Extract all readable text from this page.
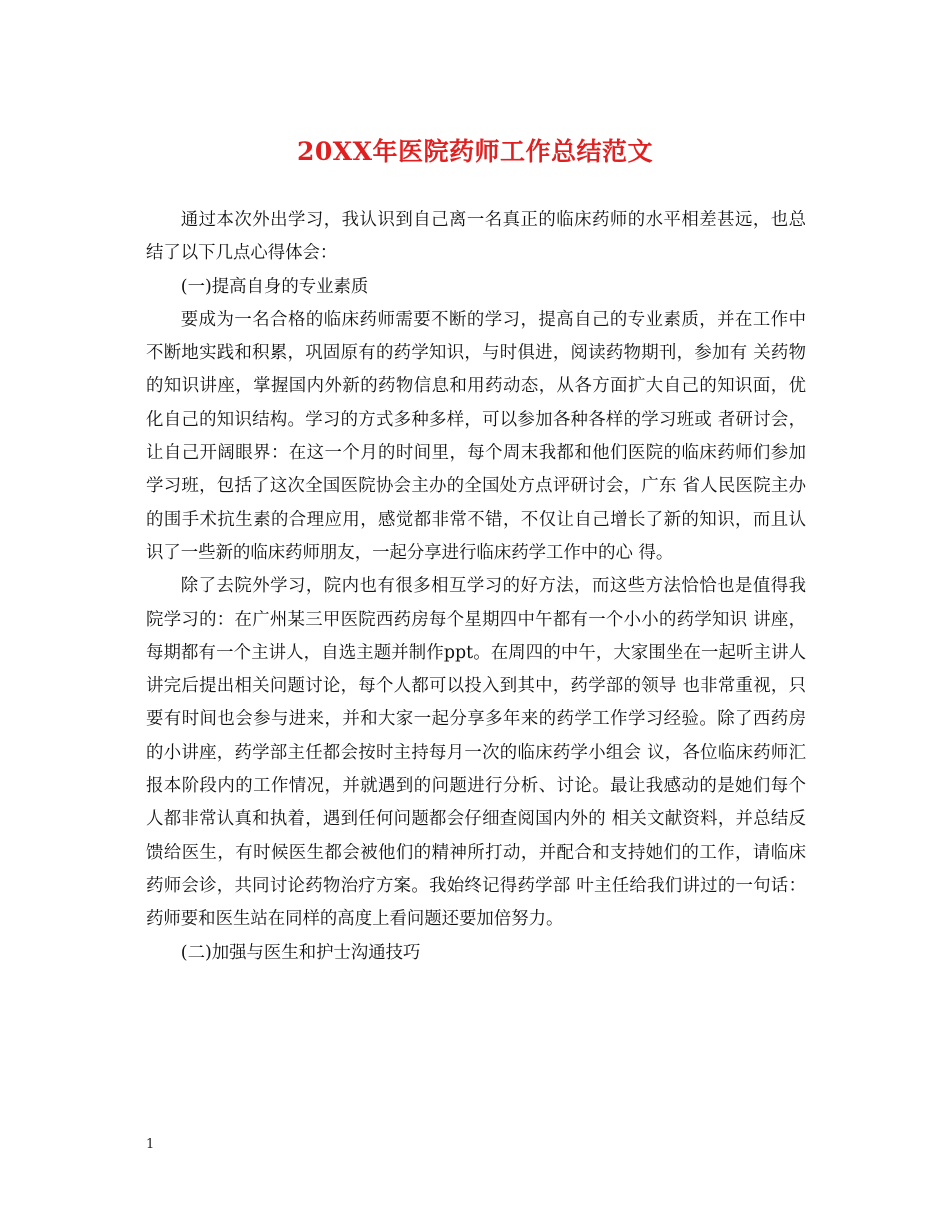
20XX年医院药师工作总结范文

通过本次外出学习，我认识到自己离一名真正的临床药师的水平相差甚远，也总结了以下几点心得体会：

(一)提高自身的专业素质

要成为一名合格的临床药师需要不断的学习，提高自己的专业素质，并在工作中不断地实践和积累，巩固原有的药学知识，与时俱进，阅读药物期刊，参加有 关药物的知识讲座，掌握国内外新的药物信息和用药动态，从各方面扩大自己的知识面，优化自己的知识结构。学习的方式多种多样，可以参加各种各样的学习班或 者研讨会，让自己开阔眼界：在这一个月的时间里，每个周末我都和他们医院的临床药师们参加学习班，包括了这次全国医院协会主办的全国处方点评研讨会，广东 省人民医院主办的围手术抗生素的合理应用，感觉都非常不错，不仅让自己增长了新的知识，而且认识了一些新的临床药师朋友，一起分享进行临床药学工作中的心 得。

除了去院外学习，院内也有很多相互学习的好方法，而这些方法恰恰也是值得我院学习的：在广州某三甲医院西药房每个星期四中午都有一个小小的药学知识 讲座，每期都有一个主讲人，自选主题并制作ppt。在周四的中午，大家围坐在一起听主讲人讲完后提出相关问题讨论，每个人都可以投入到其中，药学部的领导 也非常重视，只要有时间也会参与进来，并和大家一起分享多年来的药学工作学习经验。除了西药房的小讲座，药学部主任都会按时主持每月一次的临床药学小组会 议，各位临床药师汇报本阶段内的工作情况，并就遇到的问题进行分析、讨论。最让我感动的是她们每个人都非常认真和执着，遇到任何问题都会仔细查阅国内外的 相关文献资料，并总结反馈给医生，有时候医生都会被他们的精神所打动，并配合和支持她们的工作，请临床药师会诊，共同讨论药物治疗方案。我始终记得药学部 叶主任给我们讲过的一句话：药师要和医生站在同样的高度上看问题还要加倍努力。

(二)加强与医生和护士沟通技巧

1
